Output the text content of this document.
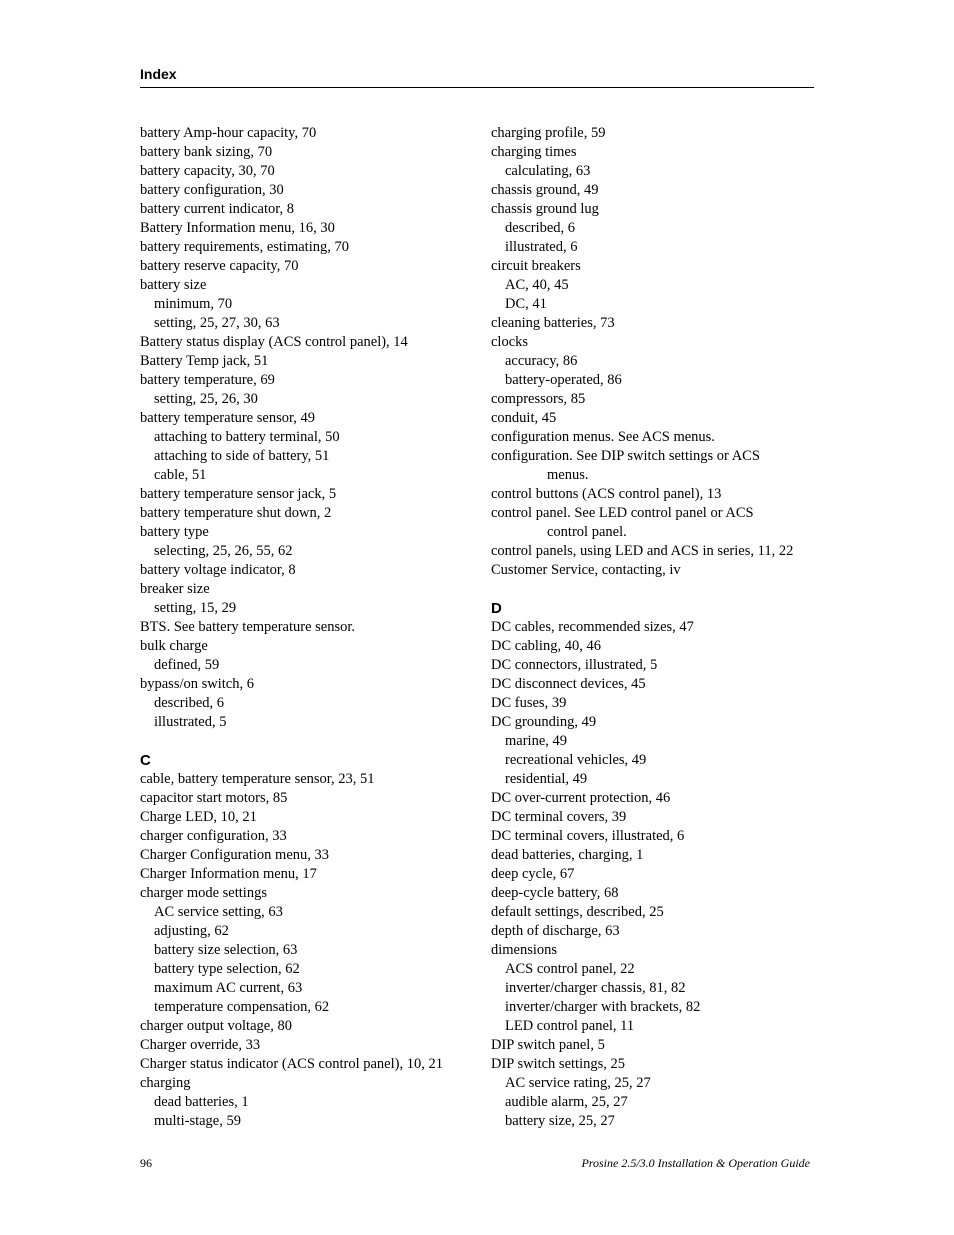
Index
battery Amp-hour capacity, 70
battery bank sizing, 70
battery capacity, 30, 70
battery configuration, 30
battery current indicator, 8
Battery Information menu, 16, 30
battery requirements, estimating, 70
battery reserve capacity, 70
battery size
minimum, 70
setting, 25, 27, 30, 63
Battery status display (ACS control panel), 14
Battery Temp jack, 51
battery temperature, 69
setting, 25, 26, 30
battery temperature sensor, 49
attaching to battery terminal, 50
attaching to side of battery, 51
cable, 51
battery temperature sensor jack, 5
battery temperature shut down, 2
battery type
selecting, 25, 26, 55, 62
battery voltage indicator, 8
breaker size
setting, 15, 29
BTS. See battery temperature sensor.
bulk charge
defined, 59
bypass/on switch, 6
described, 6
illustrated, 5
C
cable, battery temperature sensor, 23, 51
capacitor start motors, 85
Charge LED, 10, 21
charger configuration, 33
Charger Configuration menu, 33
Charger Information menu, 17
charger mode settings
AC service setting, 63
adjusting, 62
battery size selection, 63
battery type selection, 62
maximum AC current, 63
temperature compensation, 62
charger output voltage, 80
Charger override, 33
Charger status indicator (ACS control panel), 10, 21
charging
dead batteries, 1
multi-stage, 59
charging profile, 59
charging times
calculating, 63
chassis ground, 49
chassis ground lug
described, 6
illustrated, 6
circuit breakers
AC, 40, 45
DC, 41
cleaning batteries, 73
clocks
accuracy, 86
battery-operated, 86
compressors, 85
conduit, 45
configuration menus. See ACS menus.
configuration. See DIP switch settings or ACS
menus.
control buttons (ACS control panel), 13
control panel. See LED control panel or ACS
control panel.
control panels, using LED and ACS in series, 11, 22
Customer Service, contacting, iv
D
DC cables, recommended sizes, 47
DC cabling, 40, 46
DC connectors, illustrated, 5
DC disconnect devices, 45
DC fuses, 39
DC grounding, 49
marine, 49
recreational vehicles, 49
residential, 49
DC over-current protection, 46
DC terminal covers, 39
DC terminal covers, illustrated, 6
dead batteries, charging, 1
deep cycle, 67
deep-cycle battery, 68
default settings, described, 25
depth of discharge, 63
dimensions
ACS control panel, 22
inverter/charger chassis, 81, 82
inverter/charger with brackets, 82
LED control panel, 11
DIP switch panel, 5
DIP switch settings, 25
AC service rating, 25, 27
audible alarm, 25, 27
battery size, 25, 27
96	Prosine 2.5/3.0 Installation & Operation Guide
